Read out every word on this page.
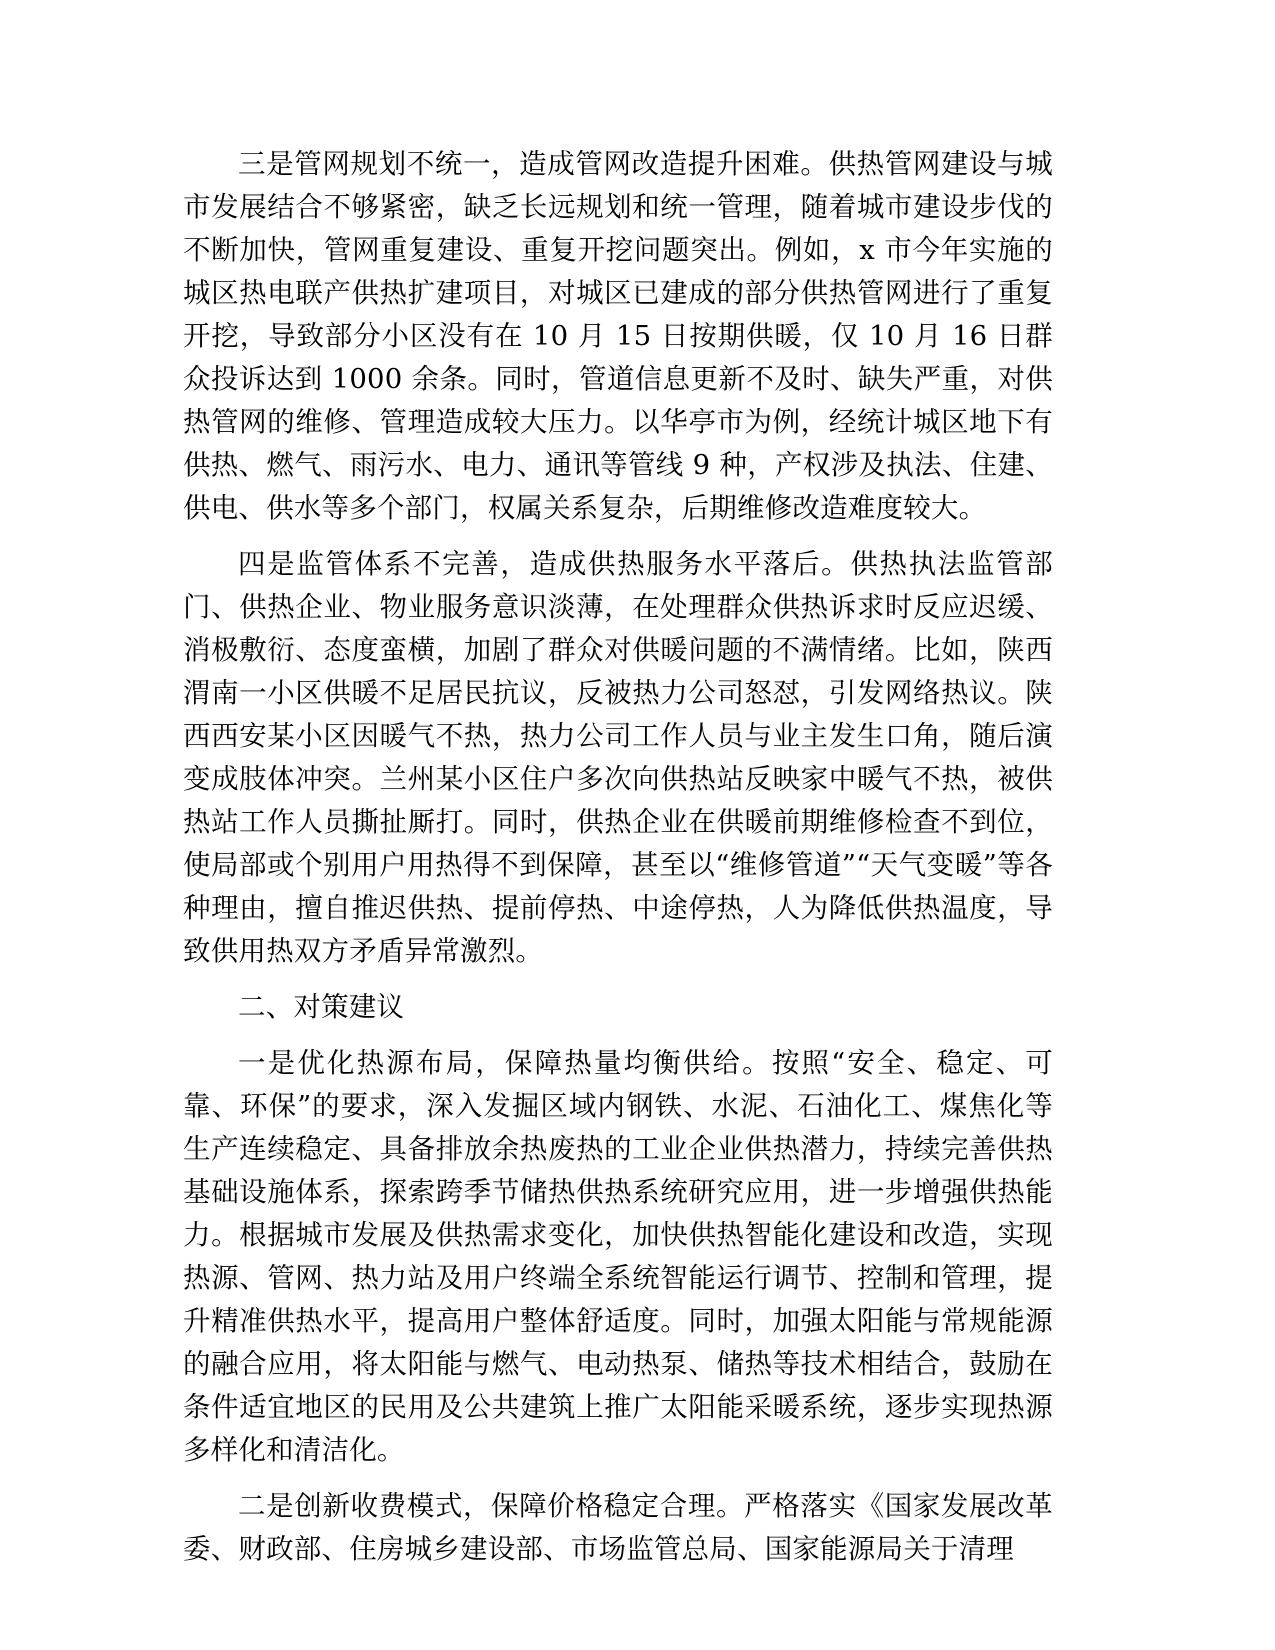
三是管网规划不统一，造成管网改造提升困难。供热管网建设与城市发展结合不够紧密，缺乏长远规划和统一管理，随着城市建设步伐的不断加快，管网重复建设、重复开挖问题突出。例如，x 市今年实施的城区热电联产供热扩建项目，对城区已建成的部分供热管网进行了重复开挖，导致部分小区没有在 10 月 15 日按期供暖，仅 10 月 16 日群众投诉达到 1000 余条。同时，管道信息更新不及时、缺失严重，对供热管网的维修、管理造成较大压力。以华亭市为例，经统计城区地下有供热、燃气、雨污水、电力、通讯等管线 9 种，产权涉及执法、住建、供电、供水等多个部门，权属关系复杂，后期维修改造难度较大。

四是监管体系不完善，造成供热服务水平落后。供热执法监管部门、供热企业、物业服务意识淡薄，在处理群众供热诉求时反应迟缓、消极敷衍、态度蛮横，加剧了群众对供暖问题的不满情绪。比如，陕西渭南一小区供暖不足居民抗议，反被热力公司怒怼，引发网络热议。陕西西安某小区因暖气不热，热力公司工作人员与业主发生口角，随后演变成肢体冲突。兰州某小区住户多次向供热站反映家中暖气不热，被供热站工作人员撕扯厮打。同时，供热企业在供暖前期维修检查不到位，使局部或个别用户用热得不到保障，甚至以“维修管道”“天气变暖”等各种理由，擅自推迟供热、提前停热、中途停热，人为降低供热温度，导致供用热双方矛盾异常激烈。

二、对策建议

一是优化热源布局，保障热量均衡供给。按照“安全、稳定、可靠、环保”的要求，深入发掘区域内钢铁、水泥、石油化工、煤焦化等生产连续稳定、具备排放余热废热的工业企业供热潜力，持续完善供热基础设施体系，探索跨季节储热供热系统研究应用，进一步增强供热能力。根据城市发展及供热需求变化，加快供热智能化建设和改造，实现热源、管网、热力站及用户终端全系统智能运行调节、控制和管理，提升精准供热水平，提高用户整体舒适度。同时，加强太阳能与常规能源的融合应用，将太阳能与燃气、电动热泵、储热等技术相结合，鼓励在条件适宜地区的民用及公共建筑上推广太阳能采暖系统，逐步实现热源多样化和清洁化。

二是创新收费模式，保障价格稳定合理。严格落实《国家发展改革委、财政部、住房城乡建设部、市场监管总局、国家能源局关于清理
